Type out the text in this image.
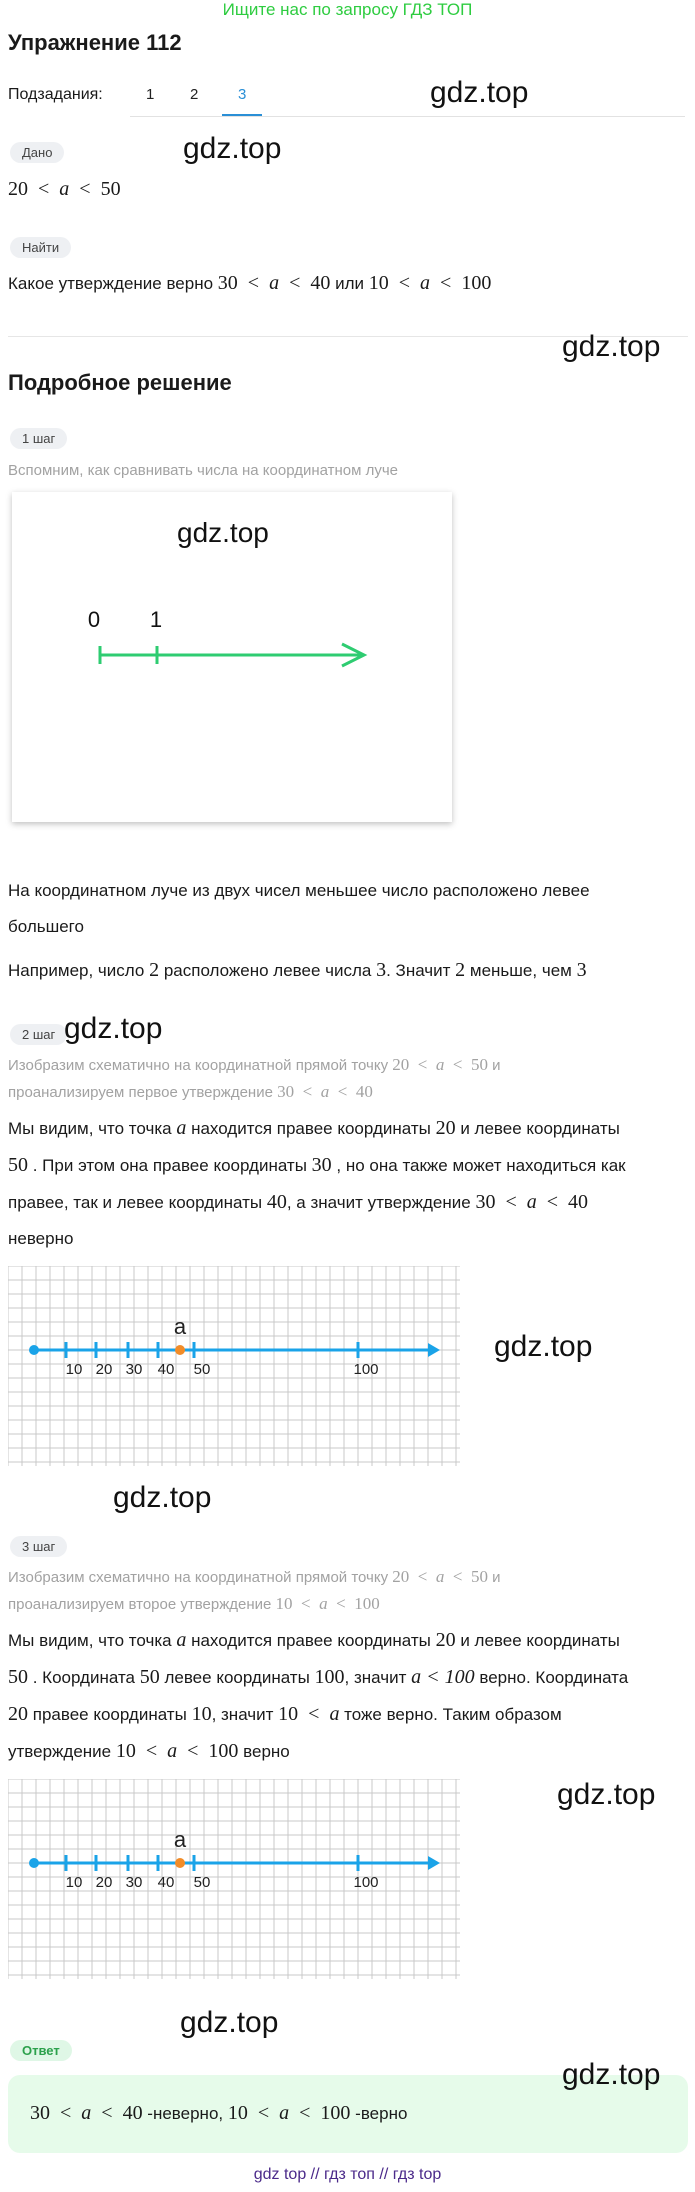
Ищите нас по запросу ГДЗ ТОП
Упражнение 112
Подзадания:	1 2	3	gdz.top
Дано	gdz.top
20 < a < 50
Найти
Какое утверждение верно 30 < a < 40 или 10 < a < 100
gdz.top
Подробное решение
1 шаг
Вспомним, как сравнивать числа на координатном луче
gdz.top
0 1
На координатном луче из двух чисел меньшее число расположено левее большего
Например, число 2 расположено левее числа 3. Значит 2 меньше, чем 3
2 шаг gdz.top
Изобразим схематично на координатной прямой точку 20 < a < 50 и проанализируем первое утверждение 30 < a < 40
Мы видим, что точка a находится правее координаты 20 и левее координаты
50 . При этом она правее координаты 30 , но она также может находиться как
правее, так и левее координаты 40, а значит утверждение 30 < a < 40
неверно
a
10 20 30 40 50	100
gdz.top
gdz.top
3 шаг
Изобразим схематично на координатной прямой точку 20 < a < 50 и проанализируем второе утверждение 10 < a < 100
Мы видим, что точка a находится правее координаты 20 и левее координаты
50 . Координата 50 левее координаты 100, значит a < 100 верно. Координата
20 правее координаты 10, значит 10 < a тоже верно. Таким образом
утверждение 10 < a < 100 верно
a
10 20 30 40 50	100
gdz.top
gdz.top
Ответ
gdz.top
30 < a < 40 -неверно, 10 < a < 100 -верно
gdz top // гдз топ // гдз top
